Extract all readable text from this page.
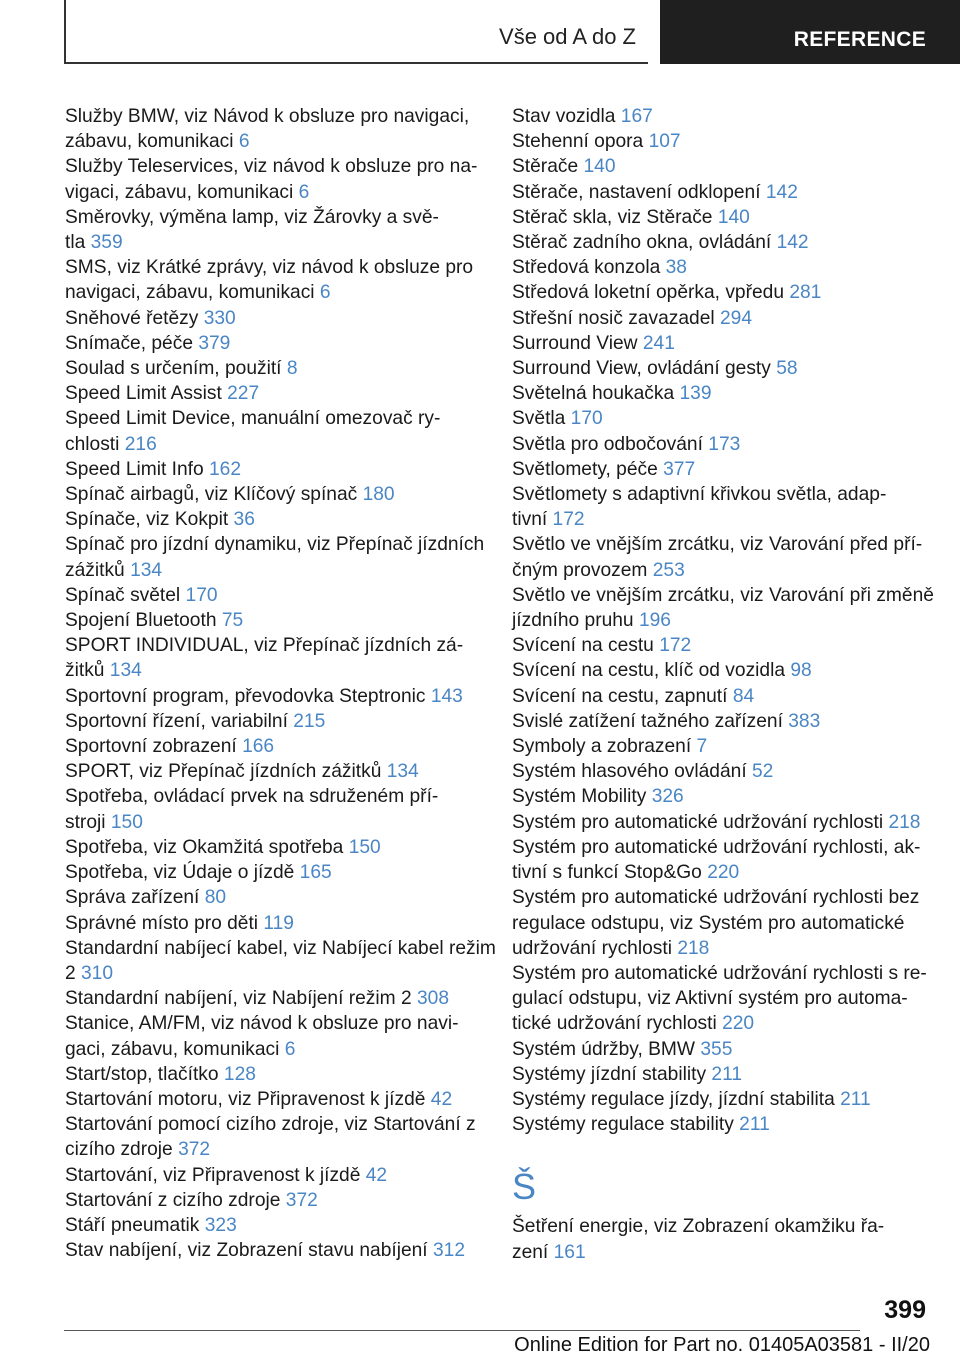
Vše od A do Z	REFERENCE

Služby BMW, viz Návod k obsluze pro navigaci,
zábavu, komunikaci 6

Služby Teleservices, viz návod k obsluze pro na-
vigaci, zábavu, komunikaci 6

Směrovky, výměna lamp, viz Žárovky a svě-
tla 359

SMS, viz Krátké zprávy, viz návod k obsluze pro
navigaci, zábavu, komunikaci 6

Sněhové řetězy 330

Snímače, péče 379

Soulad s určením, použití 8

Speed Limit Assist 227

Speed Limit Device, manuální omezovač ry-
chlosti 216

Speed Limit Info 162

Spínač airbagů, viz Klíčový spínač 180

Spínače, viz Kokpit 36

Spínač pro jízdní dynamiku, viz Přepínač jízdních
zážitků 134

Spínač světel 170

Spojení Bluetooth 75

SPORT INDIVIDUAL, viz Přepínač jízdních zá-
žitků 134

Sportovní program, převodovka Steptronic 143

Sportovní řízení, variabilní 215

Sportovní zobrazení 166

SPORT, viz Přepínač jízdních zážitků 134

Spotřeba, ovládací prvek na sdruženém pří-
stroji 150

Spotřeba, viz Okamžitá spotřeba 150

Spotřeba, viz Údaje o jízdě 165

Správa zařízení 80

Správné místo pro děti 119

Standardní nabíjecí kabel, viz Nabíjecí kabel režim
2 310

Standardní nabíjení, viz Nabíjení režim 2 308

Stanice, AM/FM, viz návod k obsluze pro navi-
gaci, zábavu, komunikaci 6

Start/stop, tlačítko 128

Startování motoru, viz Připravenost k jízdě 42

Startování pomocí cizího zdroje, viz Startování z
cizího zdroje 372

Startování, viz Připravenost k jízdě 42

Startování z cizího zdroje 372

Stáří pneumatik 323

Stav nabíjení, viz Zobrazení stavu nabíjení 312

Stav vozidla 167

Stehenní opora 107

Stěrače 140

Stěrače, nastavení odklopení 142

Stěrač skla, viz Stěrače 140

Stěrač zadního okna, ovládání 142

Středová konzola 38

Středová loketní opěrka, vpředu 281

Střešní nosič zavazadel 294

Surround View 241

Surround View, ovládání gesty 58

Světelná houkačka 139

Světla 170

Světla pro odbočování 173

Světlomety, péče 377

Světlomety s adaptivní křivkou světla, adap-
tivní 172

Světlo ve vnějším zrcátku, viz Varování před pří-
čným provozem 253

Světlo ve vnějším zrcátku, viz Varování při změně
jízdního pruhu 196

Svícení na cestu 172

Svícení na cestu, klíč od vozidla 98

Svícení na cestu, zapnutí 84

Svislé zatížení tažného zařízení 383

Symboly a zobrazení 7

Systém hlasového ovládání 52

Systém Mobility 326

Systém pro automatické udržování rychlosti 218

Systém pro automatické udržování rychlosti, ak-
tivní s funkcí Stop&Go 220

Systém pro automatické udržování rychlosti bez
regulace odstupu, viz Systém pro automatické
udržování rychlosti 218

Systém pro automatické udržování rychlosti s re-
gulací odstupu, viz Aktivní systém pro automa-
tické udržování rychlosti 220

Systém údržby, BMW 355

Systémy jízdní stability 211

Systémy regulace jízdy, jízdní stabilita 211

Systémy regulace stability 211

Š

Šetření energie, viz Zobrazení okamžiku řa-
zení 161

399
Online Edition for Part no. 01405A03581 - II/20
